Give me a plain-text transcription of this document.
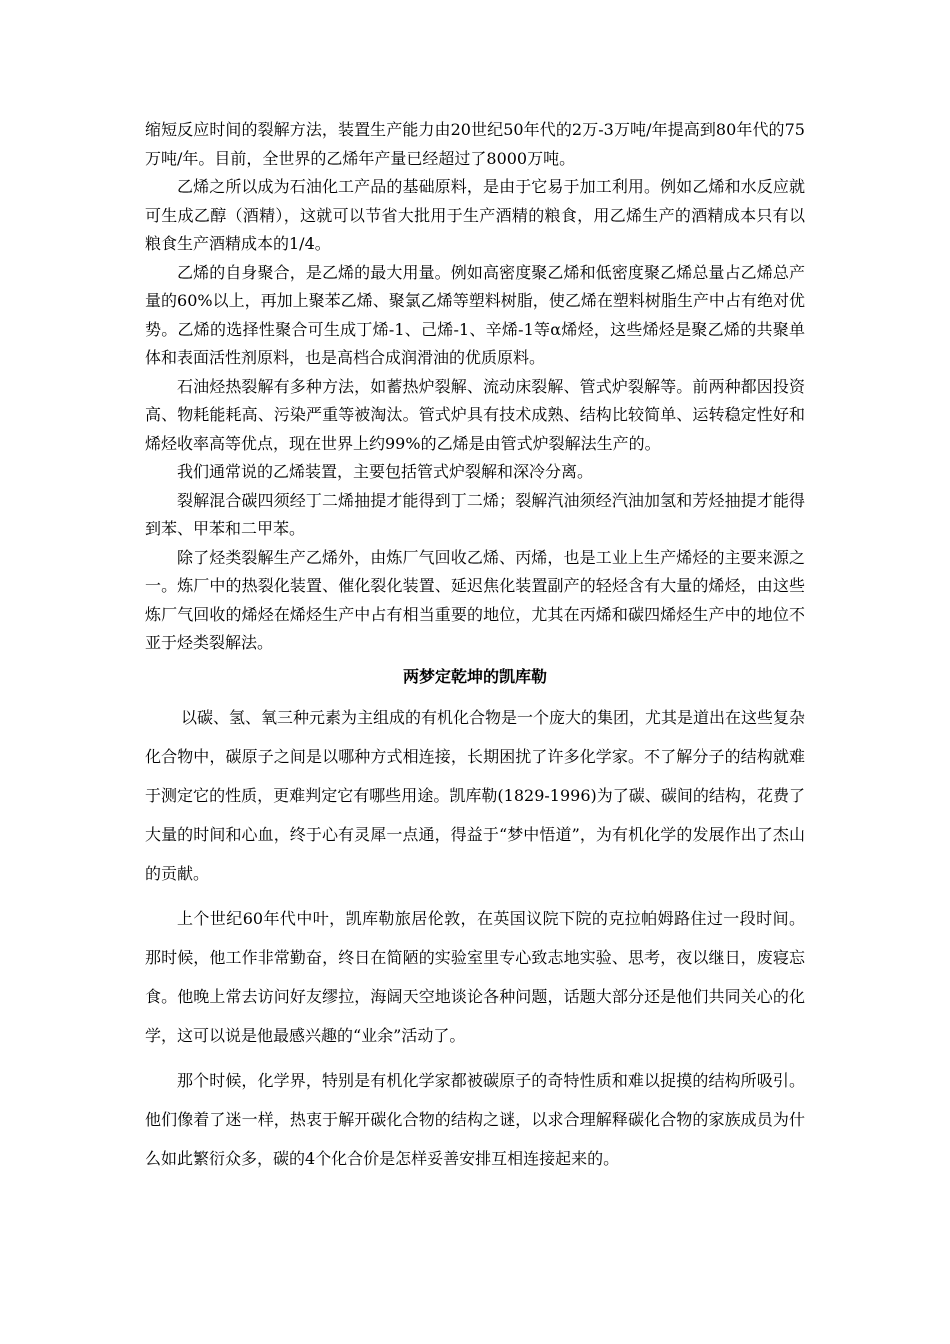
缩短反应时间的裂解方法，装置生产能力由20世纪50年代的2万-3万吨/年提高到80年代的75万吨/年。目前，全世界的乙烯年产量已经超过了8000万吨。

乙烯之所以成为石油化工产品的基础原料，是由于它易于加工利用。例如乙烯和水反应就可生成乙醇（酒精），这就可以节省大批用于生产酒精的粮食，用乙烯生产的酒精成本只有以粮食生产酒精成本的1/4。

乙烯的自身聚合，是乙烯的最大用量。例如高密度聚乙烯和低密度聚乙烯总量占乙烯总产量的60%以上，再加上聚苯乙烯、聚氯乙烯等塑料树脂，使乙烯在塑料树脂生产中占有绝对优势。乙烯的选择性聚合可生成丁烯-1、己烯-1、辛烯-1等α烯烃，这些烯烃是聚乙烯的共聚单体和表面活性剂原料，也是高档合成润滑油的优质原料。

石油烃热裂解有多种方法，如蓄热炉裂解、流动床裂解、管式炉裂解等。前两种都因投资高、物耗能耗高、污染严重等被淘汰。管式炉具有技术成熟、结构比较简单、运转稳定性好和烯烃收率高等优点，现在世界上约99%的乙烯是由管式炉裂解法生产的。

我们通常说的乙烯装置，主要包括管式炉裂解和深冷分离。

裂解混合碳四须经丁二烯抽提才能得到丁二烯；裂解汽油须经汽油加氢和芳烃抽提才能得到苯、甲苯和二甲苯。

除了烃类裂解生产乙烯外，由炼厂气回收乙烯、丙烯，也是工业上生产烯烃的主要来源之一。炼厂中的热裂化装置、催化裂化装置、延迟焦化装置副产的轻烃含有大量的烯烃，由这些炼厂气回收的烯烃在烯烃生产中占有相当重要的地位，尤其在丙烯和碳四烯烃生产中的地位不亚于烃类裂解法。

两梦定乾坤的凯库勒

以碳、氢、氧三种元素为主组成的有机化合物是一个庞大的集团，尤其是道出在这些复杂化合物中，碳原子之间是以哪种方式相连接，长期困扰了许多化学家。不了解分子的结构就难于测定它的性质，更难判定它有哪些用途。凯库勒(1829-1996)为了碳、碳间的结构，花费了大量的时间和心血，终于心有灵犀一点通，得益于“梦中悟道”，为有机化学的发展作出了杰山的贡献。

上个世纪60年代中叶，凯库勒旅居伦敦，在英国议院下院的克拉帕姆路住过一段时间。那时候，他工作非常勤奋，终日在简陋的实验室里专心致志地实验、思考，夜以继日，废寝忘食。他晚上常去访问好友缪拉，海阔天空地谈论各种问题，话题大部分还是他们共同关心的化学，这可以说是他最感兴趣的“业余”活动了。

那个时候，化学界，特别是有机化学家都被碳原子的奇特性质和难以捉摸的结构所吸引。他们像着了迷一样，热衷于解开碳化合物的结构之谜，以求合理解释碳化合物的家族成员为什么如此繁衍众多，碳的4个化合价是怎样妥善安排互相连接起来的。
